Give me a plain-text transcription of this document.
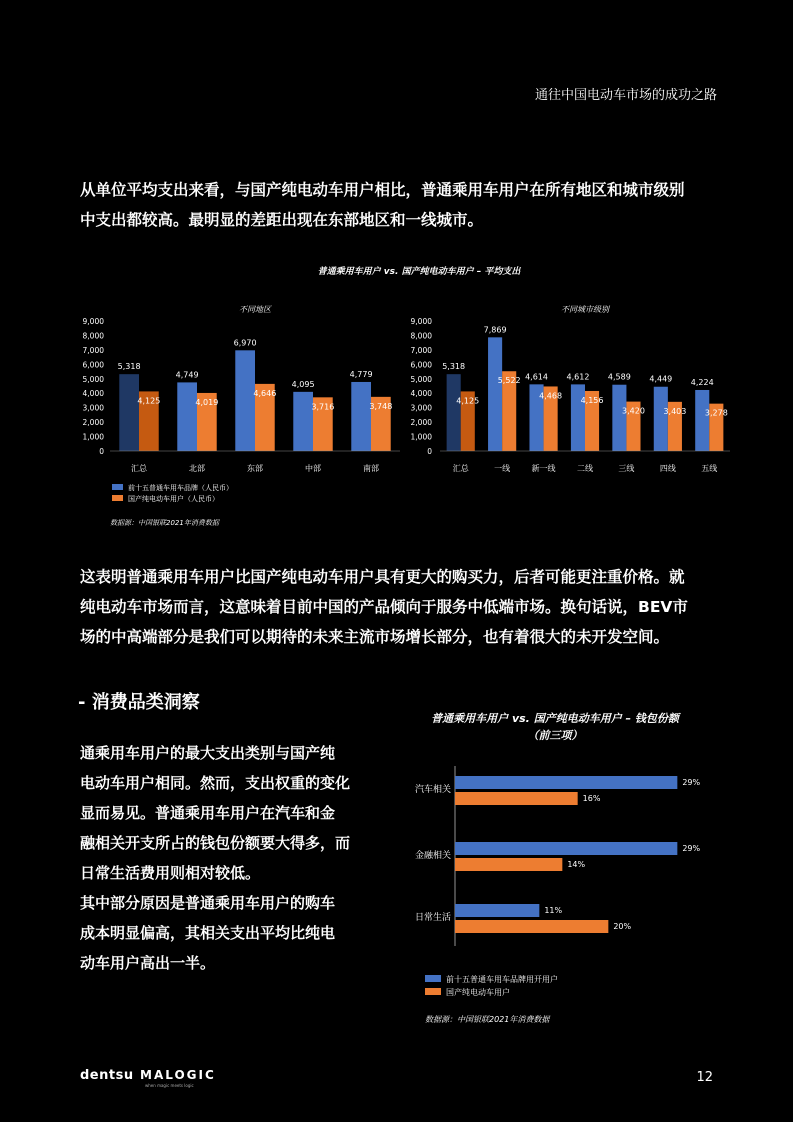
通往中国电动车市场的成功之路
从单位平均支出来看，与国产纯电动车用户相比，普通乘用车用户在所有地区和城市级别
中支出都较高。最明显的差距出现在东部地区和一线城市。
普通乘用车用户 vs. 国产纯电动车用户 – 平均支出
不同地区
0
1,000
2,000
3,000
4,000
5,000
6,000
7,000
8,000
9,000
5,318
4,125
汇总
4,749
4,019
北部
6,970
4,646
东部
4,095
3,716
中部
4,779
3,748
南部
不同城市级别
0
1,000
2,000
3,000
4,000
5,000
6,000
7,000
8,000
9,000
5,318
4,125
汇总
7,869
5,522
一线
4,614
4,468
新一线
4,612
4,156
二线
4,589
3,420
三线
4,449
3,403
四线
4,224
3,278
五线
前十五普通车用车品牌（人民币）
国产纯电动车用户（人民币）
数据源：中国银联2021年消费数据
这表明普通乘用车用户比国产纯电动车用户具有更大的购买力，后者可能更注重价格。就
纯电动车市场而言，这意味着目前中国的产品倾向于服务中低端市场。换句话说，BEV市
场的中高端部分是我们可以期待的未来主流市场增长部分，也有着很大的未开发空间。
- 消费品类洞察
通乘用车用户的最大支出类别与国产纯
电动车用户相同。然而，支出权重的变化
显而易见。普通乘用车用户在汽车和金
融相关开支所占的钱包份额要大得多，而
日常生活费用则相对较低。
其中部分原因是普通乘用车用户的购车
成本明显偏高，其相关支出平均比纯电
动车用户高出一半。
普通乘用车用户 vs. 国产纯电动车用户 – 钱包份额
（前三项）
汽车相关
29%
16%
金融相关
29%
14%
日常生活
11%
20%
前十五普通车用车品牌用开用户
国产纯电动车用户
数据源：中国银联2021年消费数据
dentsu MALOGIC
when magic meets logic
12
